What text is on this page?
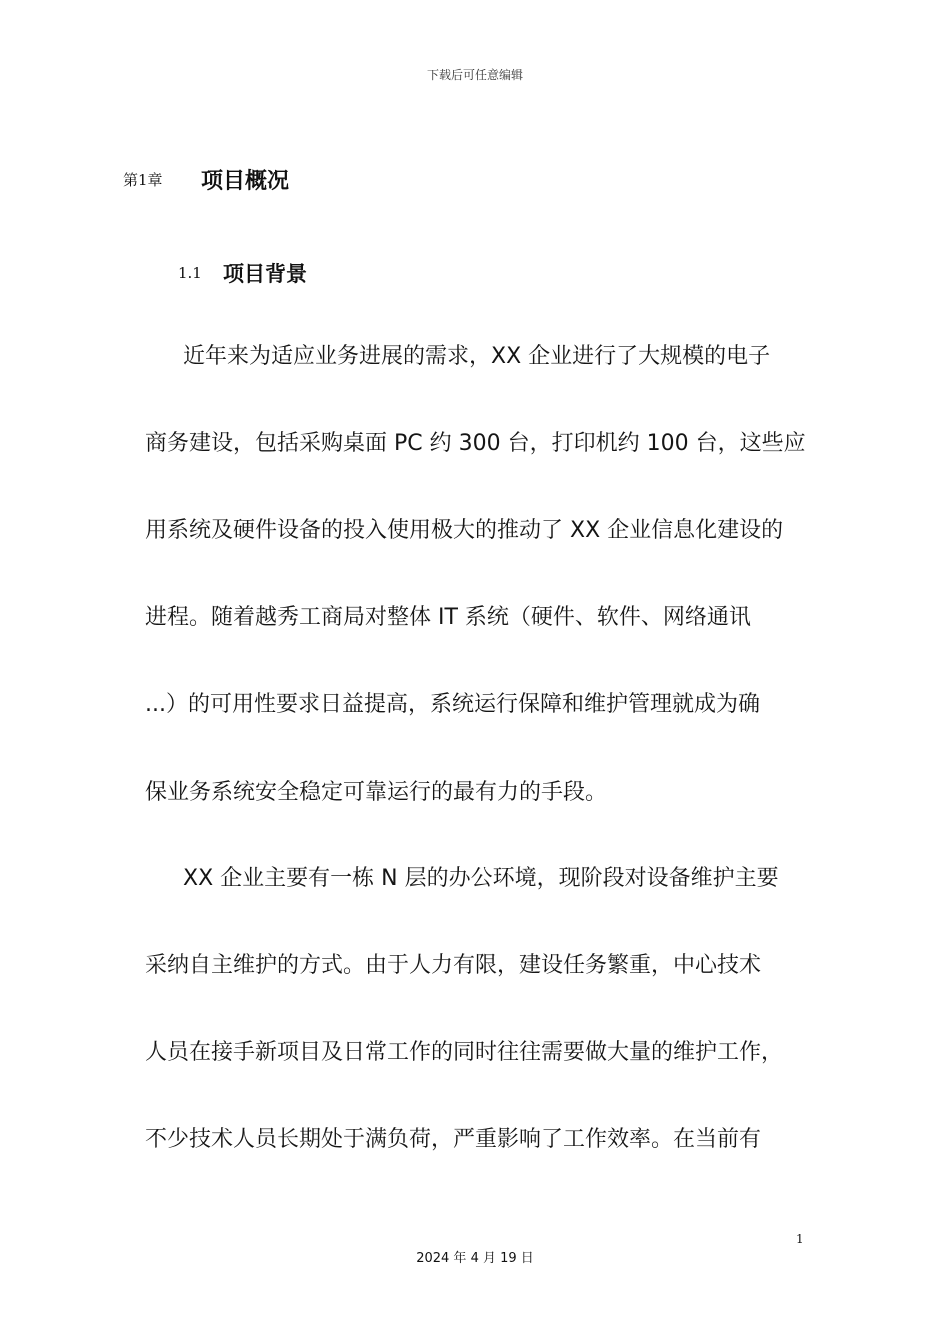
下载后可任意编辑
第1章	项目概况
1.1	项目背景
近年来为适应业务进展的需求，XX 企业进行了大规模的电子
商务建设，包括采购桌面 PC 约 300 台，打印机约 100 台，这些应
用系统及硬件设备的投入使用极大的推动了 XX 企业信息化建设的
进程。随着越秀工商局对整体 IT 系统（硬件、软件、网络通讯
...）的可用性要求日益提高，系统运行保障和维护管理就成为确
保业务系统安全稳定可靠运行的最有力的手段。
XX 企业主要有一栋 N 层的办公环境，现阶段对设备维护主要
采纳自主维护的方式。由于人力有限，建设任务繁重，中心技术
人员在接手新项目及日常工作的同时往往需要做大量的维护工作，
不少技术人员长期处于满负荷，严重影响了工作效率。在当前有
1
2024 年 4 月 19 日
